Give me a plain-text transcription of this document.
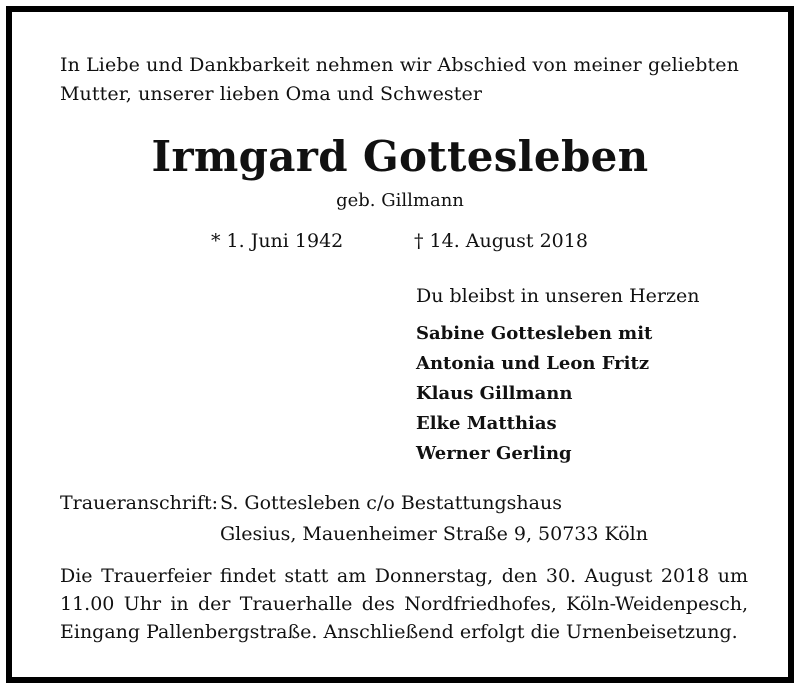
In Liebe und Dankbarkeit nehmen wir Abschied von meiner geliebten
Mutter, unserer lieben Oma und Schwester
Irmgard Gottesleben
geb. Gillmann
* 1. Juni 1942	† 14. August 2018
Du bleibst in unseren Herzen
Sabine Gottesleben mit
Antonia und Leon Fritz
Klaus Gillmann
Elke Matthias
Werner Gerling
Traueranschrift: S. Gottesleben c/o Bestattungshaus
Glesius, Mauenheimer Straße 9, 50733 Köln
Die Trauerfeier findet statt am Donnerstag, den 30. August 2018 um
11.00 Uhr in der Trauerhalle des Nordfriedhofes, Köln-Weidenpesch,
Eingang Pallenbergstraße. Anschließend erfolgt die Urnenbeisetzung.
